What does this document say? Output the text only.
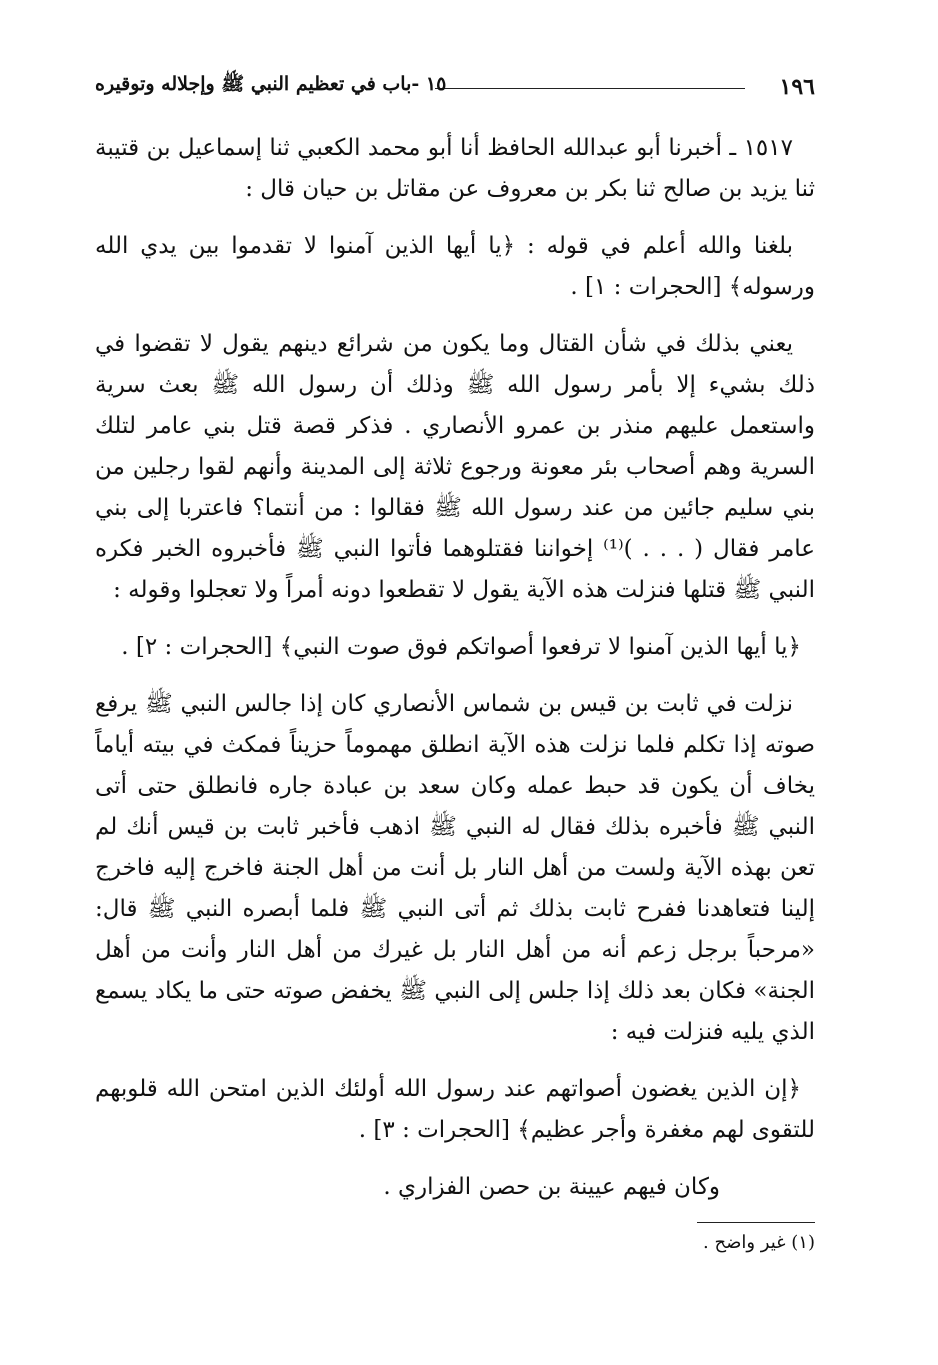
١٩٦
١٥ -باب في تعظيم النبي ﷺ وإجلاله وتوقيره

١٥١٧ ـ أخبرنا أبو عبدالله الحافظ أنا أبو محمد الكعبي ثنا إسماعيل بن قتيبة ثنا يزيد بن صالح ثنا بكر بن معروف عن مقاتل بن حيان قال :

بلغنا والله أعلم في قوله : ﴿يا أيها الذين آمنوا لا تقدموا بين يدي الله ورسوله﴾ [الحجرات : ١] .

يعني بذلك في شأن القتال وما يكون من شرائع دينهم يقول لا تقضوا في ذلك بشيء إلا بأمر رسول الله ﷺ وذلك أن رسول الله ﷺ بعث سرية واستعمل عليهم منذر بن عمرو الأنصاري . فذكر قصة قتل بني عامر لتلك السرية وهم أصحاب بئر معونة ورجوع ثلاثة إلى المدينة وأنهم لقوا رجلين من بني سليم جائين من عند رسول الله ﷺ فقالوا : من أنتما؟ فاعتربا إلى بني عامر فقال ( . . . )⁽¹⁾ إخواننا فقتلوهما فأتوا النبي ﷺ فأخبروه الخبر فكره النبي ﷺ قتلها فنزلت هذه الآية يقول لا تقطعوا دونه أمراً ولا تعجلوا وقوله :

﴿يا أيها الذين آمنوا لا ترفعوا أصواتكم فوق صوت النبي﴾ [الحجرات : ٢] .

نزلت في ثابت بن قيس بن شماس الأنصاري كان إذا جالس النبي ﷺ يرفع صوته إذا تكلم فلما نزلت هذه الآية انطلق مهموماً حزيناً فمكث في بيته أياماً يخاف أن يكون قد حبط عمله وكان سعد بن عبادة جاره فانطلق حتى أتى النبي ﷺ فأخبره بذلك فقال له النبي ﷺ اذهب فأخبر ثابت بن قيس أنك لم تعن بهذه الآية ولست من أهل النار بل أنت من أهل الجنة فاخرج إليه فاخرج إلينا فتعاهدنا ففرح ثابت بذلك ثم أتى النبي ﷺ فلما أبصره النبي ﷺ قال: «مرحباً برجل زعم أنه من أهل النار بل غيرك من أهل النار وأنت من أهل الجنة» فكان بعد ذلك إذا جلس إلى النبي ﷺ يخفض صوته حتى ما يكاد يسمع الذي يليه فنزلت فيه :

﴿إن الذين يغضون أصواتهم عند رسول الله أولئك الذين امتحن الله قلوبهم للتقوى لهم مغفرة وأجر عظيم﴾ [الحجرات : ٣] .

وكان فيهم عيينة بن حصن الفزاري .

(١) غير واضح .
